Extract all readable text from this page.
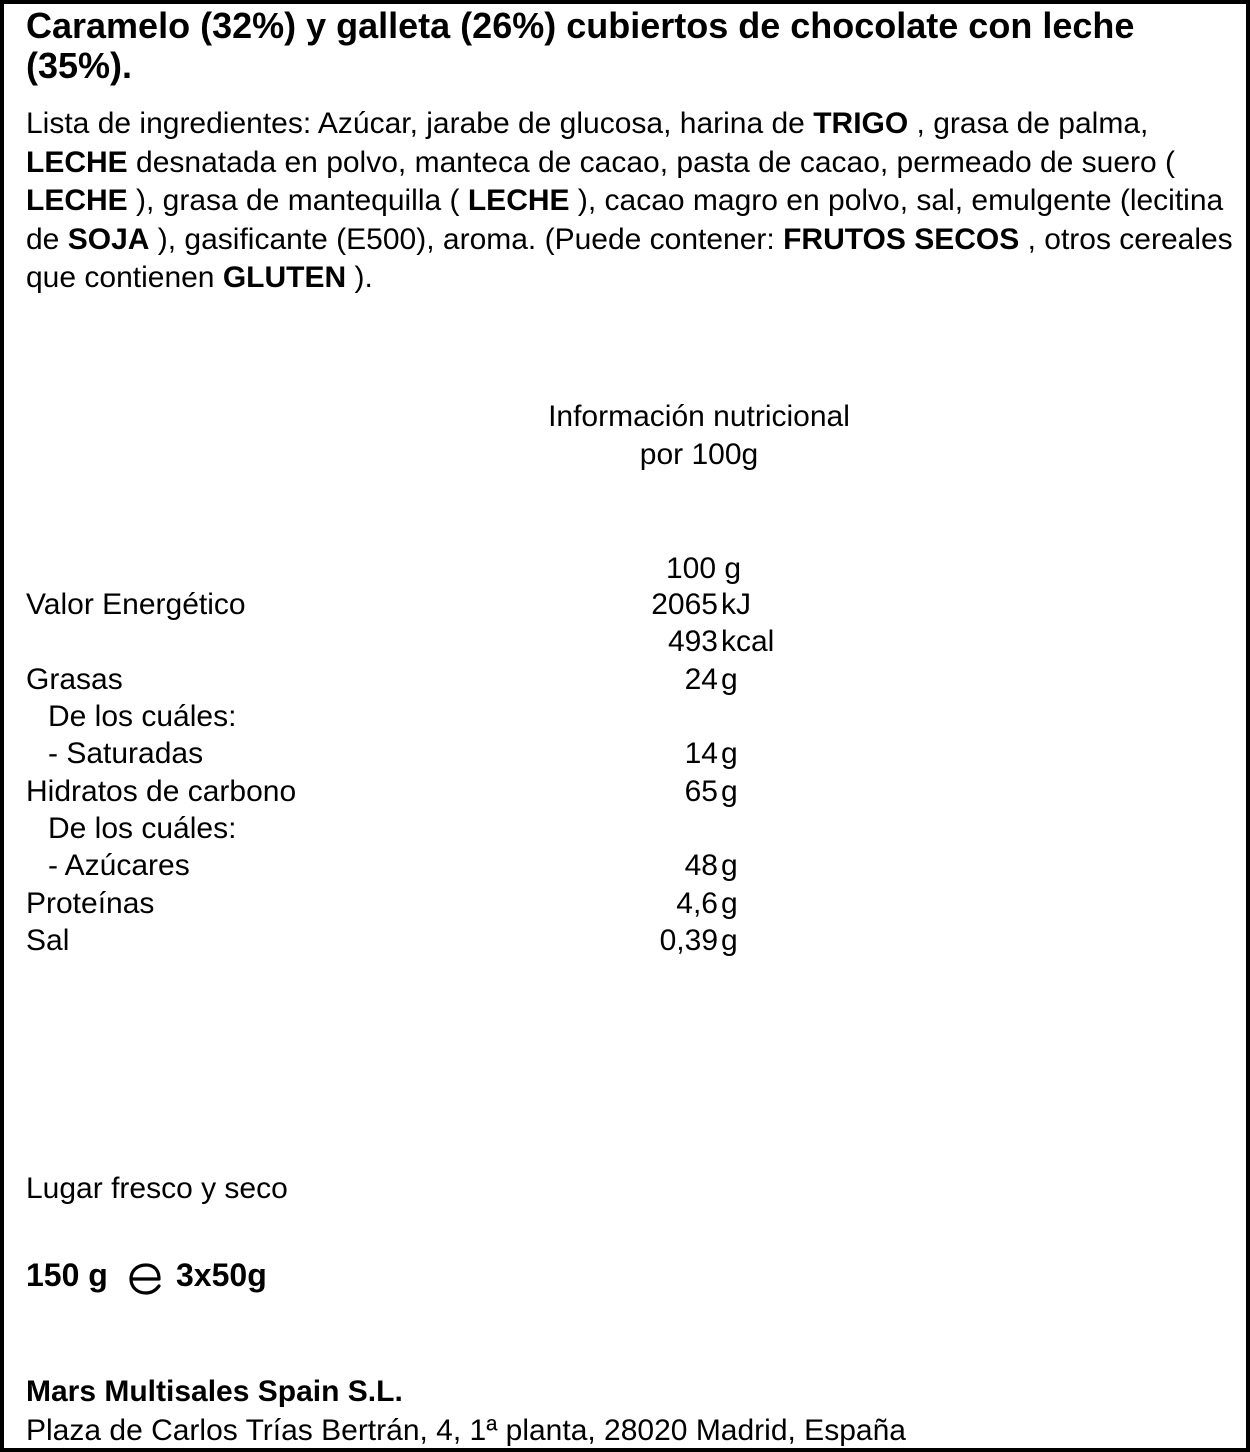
Caramelo (32%) y galleta (26%) cubiertos de chocolate con leche (35%).
Lista de ingredientes: Azúcar, jarabe de glucosa, harina de TRIGO , grasa de palma, LECHE desnatada en polvo, manteca de cacao, pasta de cacao, permeado de suero ( LECHE ), grasa de mantequilla ( LECHE ), cacao magro en polvo, sal, emulgente (lecitina de SOJA ), gasificante (E500), aroma. (Puede contener: FRUTOS SECOS , otros cereales que contienen GLUTEN ).
Información nutricional
por 100g
100 g
Valor Energético	2065 kJ
493 kcal
Grasas	24 g
De los cuáles:
- Saturadas	14 g
Hidratos de carbono	65 g
De los cuáles:
- Azúcares	48 g
Proteínas	4,6 g
Sal	0,39 g
Lugar fresco y seco
150 g 3x50g
Mars Multisales Spain S.L.
Plaza de Carlos Trías Bertrán, 4, 1ª planta, 28020 Madrid, España
